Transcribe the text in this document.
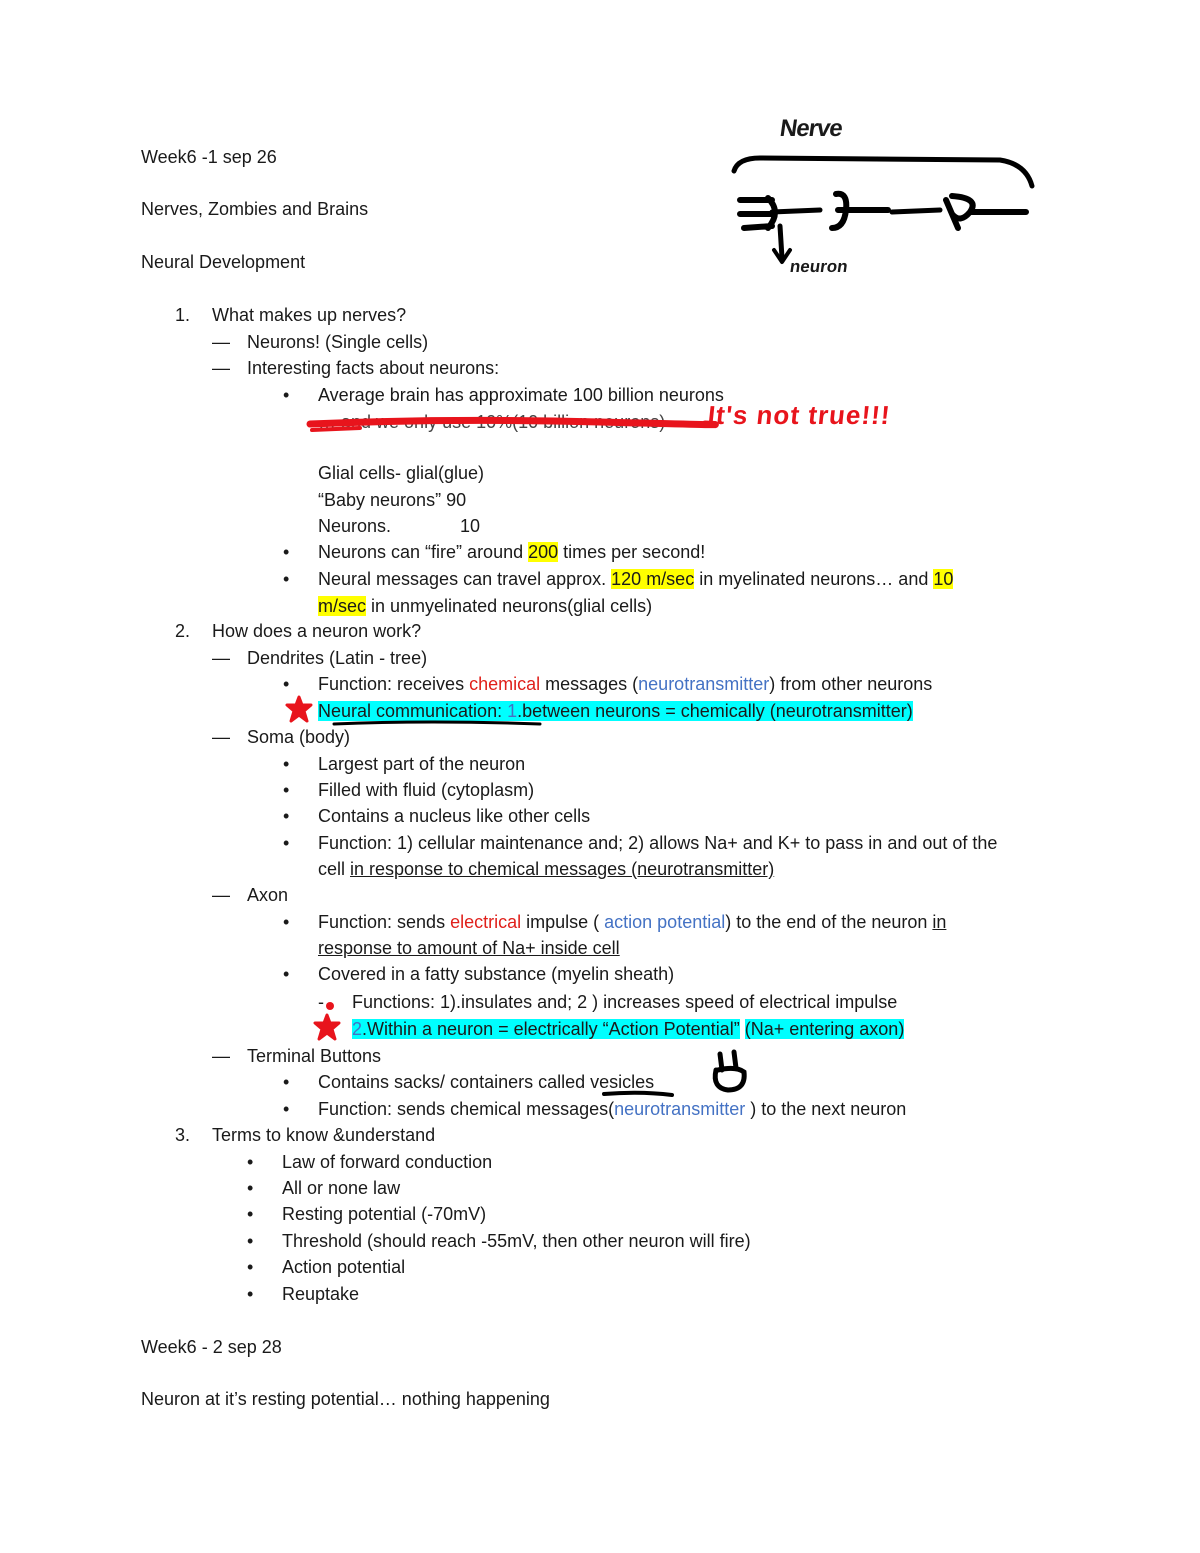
Week6 -1 sep 26
Nerves, Zombies and Brains
Neural Development
Nerve
neuron
1. What makes up nerves?
— Neurons! (Single cells)
— Interesting facts about neurons:
• Average brain has approximate 100 billion neurons
… and we only use 10%(10 billion neurons) It's not true!!!
Glial cells- glial(glue)
“Baby neurons” 90
Neurons.	10
• Neurons can “fire” around 200 times per second!
• Neural messages can travel approx. 120 m/sec in myelinated neurons… and 10
m/sec in unmyelinated neurons(glial cells)
2. How does a neuron work?
— Dendrites (Latin - tree)
• Function: receives chemical messages (neurotransmitter) from other neurons
Neural communication: 1.between neurons = chemically (neurotransmitter)
— Soma (body)
• Largest part of the neuron
• Filled with fluid (cytoplasm)
• Contains a nucleus like other cells
• Function: 1) cellular maintenance and; 2) allows Na+ and K+ to pass in and out of the
cell in response to chemical messages (neurotransmitter)
— Axon
• Function: sends electrical impulse ( action potential) to the end of the neuron in
response to amount of Na+ inside cell
• Covered in a fatty substance (myelin sheath)
- Functions: 1).insulates and; 2 ) increases speed of electrical impulse
2.Within a neuron = electrically “Action Potential” (Na+ entering axon)
— Terminal Buttons
• Contains sacks/ containers called vesicles
• Function: sends chemical messages(neurotransmitter ) to the next neuron
3. Terms to know &understand
• Law of forward conduction
• All or none law
• Resting potential (-70mV)
• Threshold (should reach -55mV, then other neuron will fire)
• Action potential
• Reuptake
Week6 - 2 sep 28
Neuron at it’s resting potential… nothing happening
